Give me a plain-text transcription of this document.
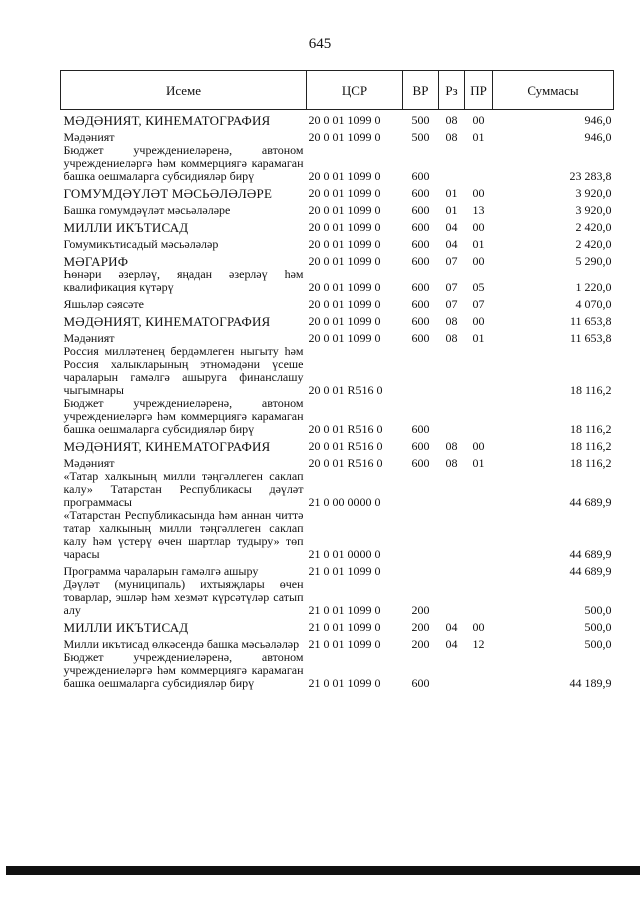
645
Исеме	ЦСР	ВР	Рз	ПР	Суммасы
МӘДӘНИЯТ, КИНЕМАТОГРАФИЯ	20 0 01 1099 0	500	08	00	946,0
Мәдәният	20 0 01 1099 0	500	08	01	946,0
Бюджет учреждениеләренә, автоном учреждениеләргә һәм коммерциягә карамаган башка оешмаларга субсидияләр бирү	20 0 01 1099 0	600			23 283,8
ГОМУМДӘҮЛӘТ МӘСЬӘЛӘЛӘРЕ	20 0 01 1099 0	600	01	00	3 920,0
Башка гомумдәүләт мәсьәләләре	20 0 01 1099 0	600	01	13	3 920,0
МИЛЛИ ИКЪТИСАД	20 0 01 1099 0	600	04	00	2 420,0
Гомумикътисадый мәсьәләләр	20 0 01 1099 0	600	04	01	2 420,0
МӘГАРИФ	20 0 01 1099 0	600	07	00	5 290,0
Һөнәри әзерләү, яңадан әзерләү һәм квалификация күтәрү	20 0 01 1099 0	600	07	05	1 220,0
Яшьләр сәясәте	20 0 01 1099 0	600	07	07	4 070,0
МӘДӘНИЯТ, КИНЕМАТОГРАФИЯ	20 0 01 1099 0	600	08	00	11 653,8
Мәдәният	20 0 01 1099 0	600	08	01	11 653,8
Россия милләтенең бердәмлеген ныгыту һәм Россия халыкларының этномәдәни үсеше чараларын гамәлгә ашыруга финанслашу чыгымнары	20 0 01 R516 0				18 116,2
Бюджет учреждениеләренә, автоном учреждениеләргә һәм коммерциягә карамаган башка оешмаларга субсидияләр бирү	20 0 01 R516 0	600			18 116,2
МӘДӘНИЯТ, КИНЕМАТОГРАФИЯ	20 0 01 R516 0	600	08	00	18 116,2
Мәдәният	20 0 01 R516 0	600	08	01	18 116,2
«Татар халкының милли тәңгәллеген саклап калу» Татарстан Республикасы дәүләт программасы	21 0 00 0000 0				44 689,9
«Татарстан Республикасында һәм аннан читтә татар халкының милли тәңгәллеген саклап калу һәм үстерү өчен шартлар тудыру» төп чарасы	21 0 01 0000 0				44 689,9
Программа чараларын гамәлгә ашыру	21 0 01 1099 0				44 689,9
Дәүләт (муниципаль) ихтыяҗлары өчен товарлар, эшләр һәм хезмәт күрсәтүләр сатып алу	21 0 01 1099 0	200			500,0
МИЛЛИ ИКЪТИСАД	21 0 01 1099 0	200	04	00	500,0
Милли икътисад өлкәсендә башка мәсьәләләр	21 0 01 1099 0	200	04	12	500,0
Бюджет учреждениеләренә, автоном учреждениеләргә һәм коммерциягә карамаган башка оешмаларга субсидияләр бирү	21 0 01 1099 0	600			44 189,9
